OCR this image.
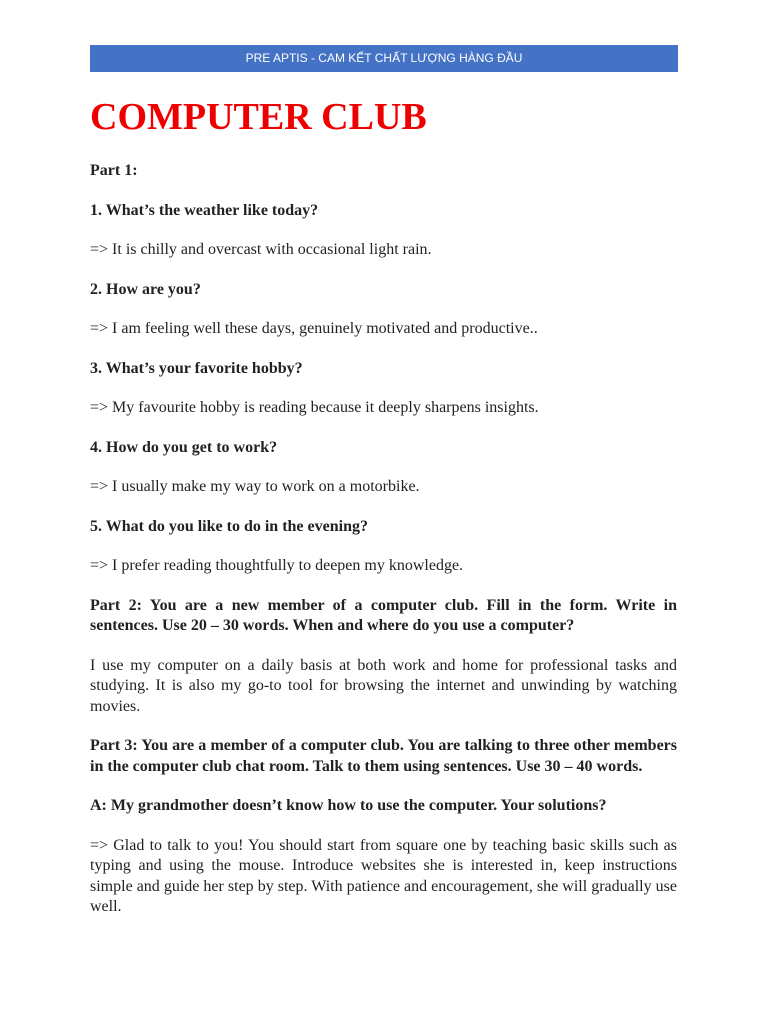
PRE APTIS - CAM KẾT CHẤT LƯỢNG HÀNG ĐẦU
COMPUTER CLUB

Part 1:

1. What’s the weather like today?

=> It is chilly and overcast with occasional light rain.

2. How are you?

=> I am feeling well these days, genuinely motivated and productive..

3. What’s your favorite hobby?

=> My favourite hobby is reading because it deeply sharpens insights.

4. How do you get to work?

=> I usually make my way to work on a motorbike.

5. What do you like to do in the evening?

=> I prefer reading thoughtfully to deepen my knowledge.

Part 2: You are a new member of a computer club. Fill in the form. Write in sentences. Use 20 – 30 words. When and where do you use a computer?

I use my computer on a daily basis at both work and home for professional tasks and studying. It is also my go-to tool for browsing the internet and unwinding by watching movies.

Part 3: You are a member of a computer club. You are talking to three other members in the computer club chat room. Talk to them using sentences. Use 30 – 40 words.

A: My grandmother doesn’t know how to use the computer. Your solutions?

=> Glad to talk to you! You should start from square one by teaching basic skills such as typing and using the mouse. Introduce websites she is interested in, keep instructions simple and guide her step by step. With patience and encouragement, she will gradually use well.
